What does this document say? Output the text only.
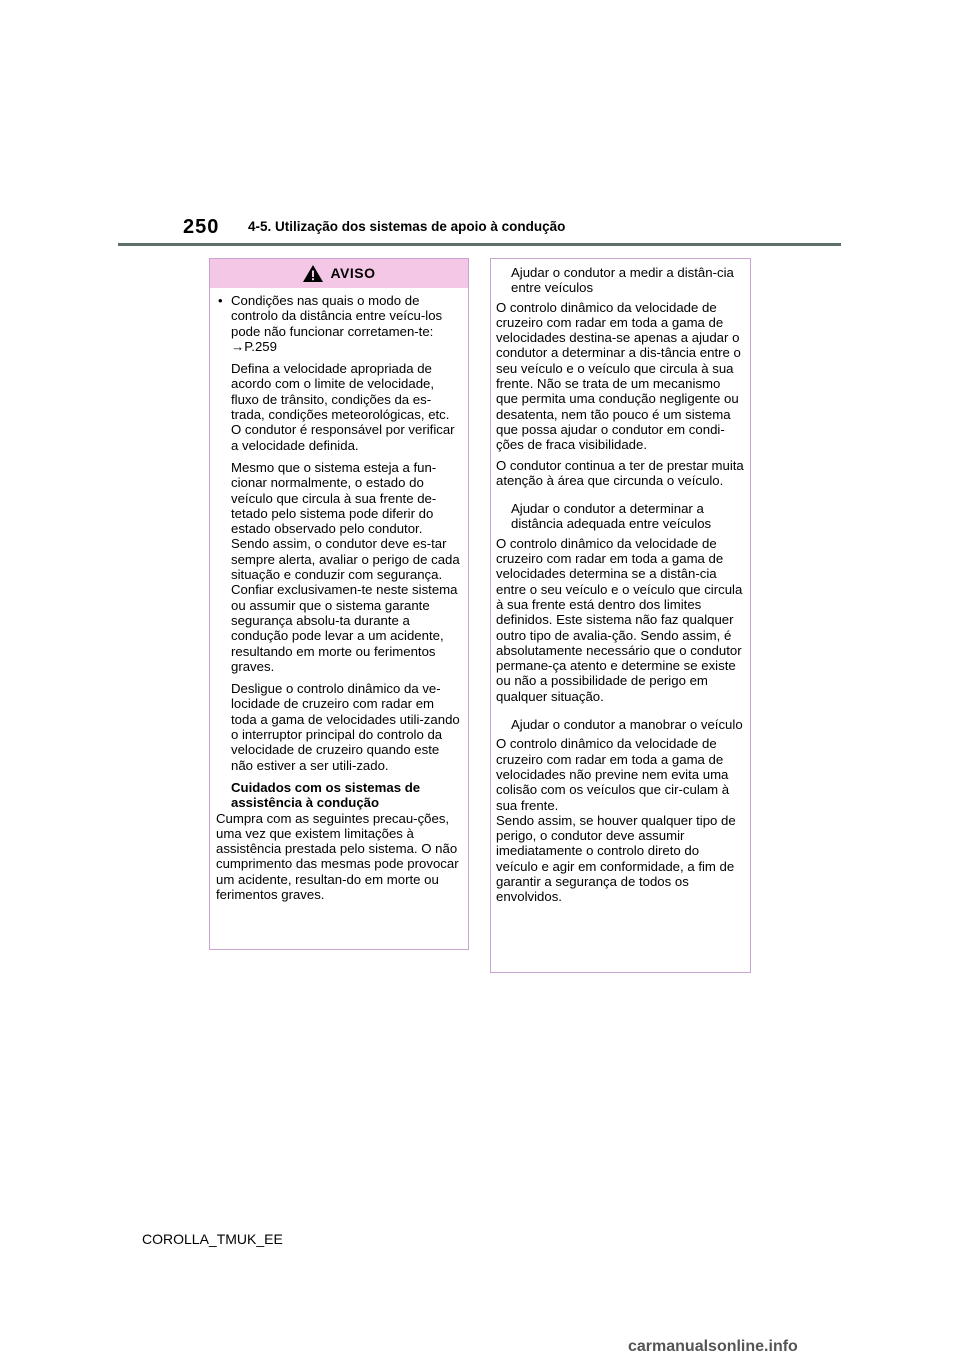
250 4-5. Utilização dos sistemas de apoio à condução
AVISO

• Condições nas quais o modo de controlo da distância entre veícu-los pode não funcionar corretamen-te: →P.259

Defina a velocidade apropriada de acordo com o limite de velocidade, fluxo de trânsito, condições da es-trada, condições meteorológicas, etc. O condutor é responsável por verificar a velocidade definida.

Mesmo que o sistema esteja a fun-cionar normalmente, o estado do veículo que circula à sua frente de-tetado pelo sistema pode diferir do estado observado pelo condutor. Sendo assim, o condutor deve es-tar sempre alerta, avaliar o perigo de cada situação e conduzir com segurança. Confiar exclusivamen-te neste sistema ou assumir que o sistema garante segurança absolu-ta durante a condução pode levar a um acidente, resultando em morte ou ferimentos graves.

Desligue o controlo dinâmico da ve-locidade de cruzeiro com radar em toda a gama de velocidades utili-zando o interruptor principal do controlo da velocidade de cruzeiro quando este não estiver a ser utili-zado.

Cuidados com os sistemas de assistência à condução

Cumpra com as seguintes precau-ções, uma vez que existem limitações à assistência prestada pelo sistema. O não cumprimento das mesmas pode provocar um acidente, resultan-do em morte ou ferimentos graves.

Ajudar o condutor a medir a distân-cia entre veículos

O controlo dinâmico da velocidade de cruzeiro com radar em toda a gama de velocidades destina-se apenas a ajudar o condutor a determinar a dis-tância entre o seu veículo e o veículo que circula à sua frente. Não se trata de um mecanismo que permita uma condução negligente ou desatenta, nem tão pouco é um sistema que possa ajudar o condutor em condi-ções de fraca visibilidade.

O condutor continua a ter de prestar muita atenção à área que circunda o veículo.

Ajudar o condutor a determinar a distância adequada entre veículos

O controlo dinâmico da velocidade de cruzeiro com radar em toda a gama de velocidades determina se a distân-cia entre o seu veículo e o veículo que circula à sua frente está dentro dos limites definidos. Este sistema não faz qualquer outro tipo de avalia-ção. Sendo assim, é absolutamente necessário que o condutor permane-ça atento e determine se existe ou não a possibilidade de perigo em qualquer situação.

Ajudar o condutor a manobrar o veículo

O controlo dinâmico da velocidade de cruzeiro com radar em toda a gama de velocidades não previne nem evita uma colisão com os veículos que cir-culam à sua frente.

Sendo assim, se houver qualquer tipo de perigo, o condutor deve assumir imediatamente o controlo direto do veículo e agir em conformidade, a fim de garantir a segurança de todos os envolvidos.

COROLLA_TMUK_EE
carmanualsonline.info
